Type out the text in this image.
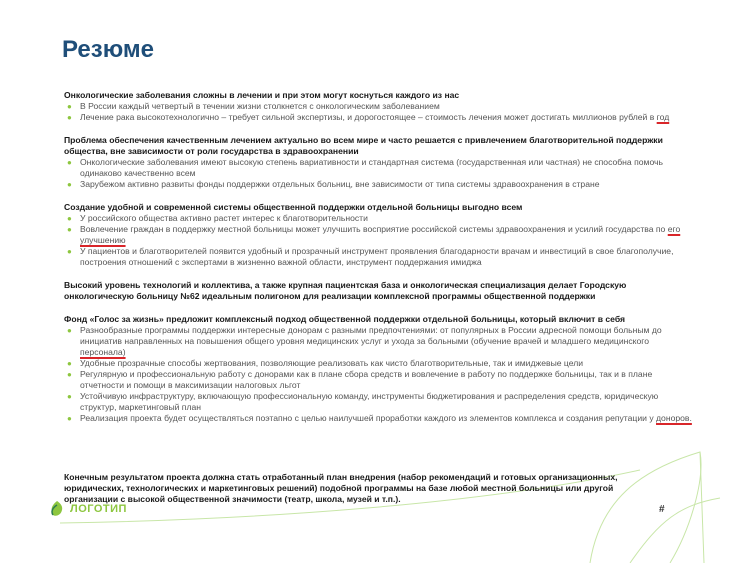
Резюме
Онкологические заболевания сложны в лечении и при этом могут коснуться каждого из нас
● В России каждый четвертый в течении жизни столкнется с онкологическим заболеванием
● Лечение рака высокотехнологично – требует сильной экспертизы, и дорогостоящее – стоимость лечения может достигать миллионов рублей в год
Проблема обеспечения качественным лечением актуально во всем мире и часто решается с привлечением благотворительной поддержки общества, вне зависимости от роли государства в здравоохранении
● Онкологические заболевания имеют высокую степень вариативности и стандартная система (государственная или частная) не способна помочь одинаково качественно всем
● Зарубежом активно развиты фонды поддержки отдельных больниц, вне зависимости от типа системы здравоохранения в стране
Создание удобной и современной системы общественной поддержки отдельной больницы выгодно всем
● У российского общества активно растет интерес к благотворительности
● Вовлечение граждан в поддержку местной больницы может улучшить восприятие российской системы здравоохранения и усилий государства по его улучшению
● У пациентов и благотворителей появится удобный и прозрачный инструмент проявления благодарности врачам и инвестиций в свое благополучие, построения отношений с экспертами в жизненно важной области, инструмент поддержания имиджа
Высокий уровень технологий и коллектива, а также крупная пациентская база и онкологическая специализация делает Городскую онкологическую больницу №62 идеальным полигоном для реализации комплексной программы общественной поддержки
Фонд «Голос за жизнь» предложит комплексный подход общественной поддержки отдельной больницы, который включит в себя
● Разнообразные программы поддержки интересные донорам с разными предпочтениями: от популярных в России адресной помощи больным до инициатив направленных на повышения общего уровня медицинских услуг и ухода за больными (обучение врачей и младшего медицинского персонала)
● Удобные прозрачные способы жертвования, позволяющие реализовать как чисто благотворительные, так и имиджевые цели
● Регулярную и профессиональную работу с донорами как в плане сбора средств и вовлечение в работу по поддержке больницы, так и в плане отчетности и помощи в максимизации налоговых льгот
● Устойчивую инфраструктуру, включающую профессиональную команду, инструменты бюджетирования и распределения средств, юридическую структур, маркетинговый план
● Реализация проекта будет осуществляться поэтапно с целью наилучшей проработки каждого из элементов комплекса и создания репутации у доноров.
Конечным результатом проекта должна стать отработанный план внедрения (набор рекомендаций и готовых организационных, юридических, технологических и маркетинговых решений) подобной программы на базе любой местной больницы или другой организации с высокой общественной значимости (театр, школа, музей и т.п.).
ЛОГОТИП	#
